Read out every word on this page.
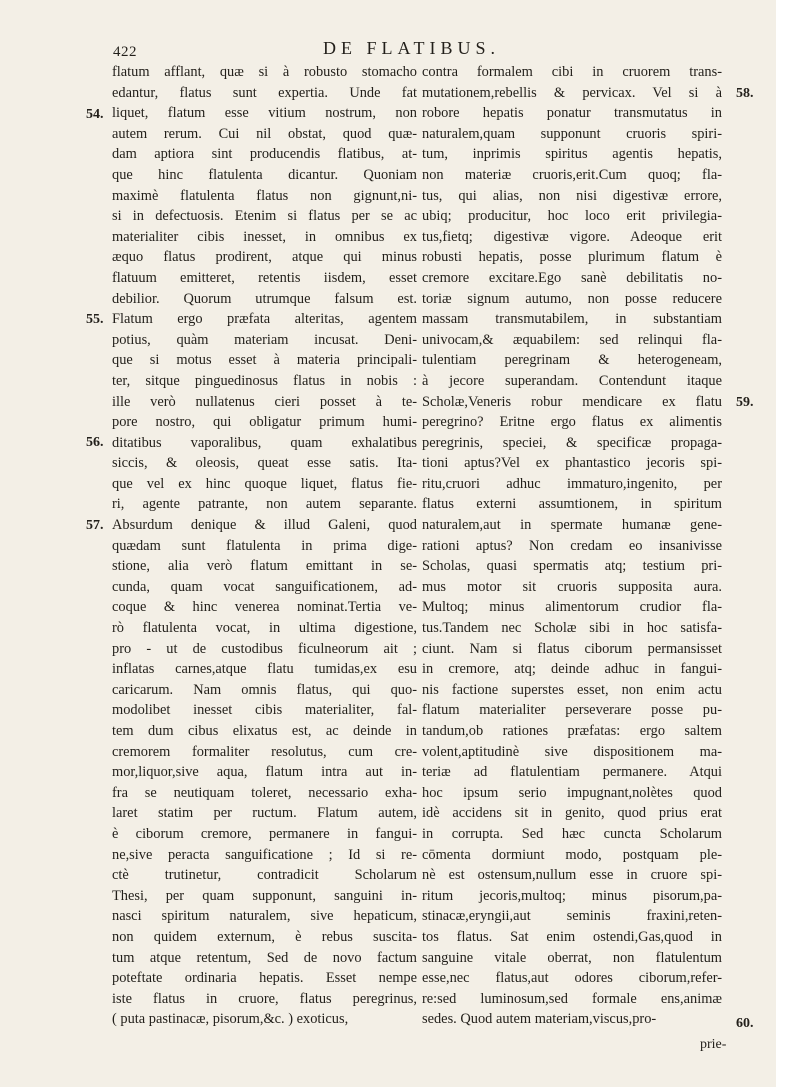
422	DE FLATIBUS.
flatum afflant, quæ si à robusto stomacho
edantur, flatus sunt expertia. Unde fat
liquet, flatum esse vitium nostrum, non
autem rerum. Cui nil obstat, quod quæ-
dam aptiora sint producendis flatibus, at-
que hinc flatulenta dicantur. Quoniam
maximè flatulenta flatus non gignunt,ni-
si in defectuosis. Etenim si flatus per se ac
materialiter cibis inesset, in omnibus ex
æquo flatus prodirent, atque qui minus
flatuum emitteret, retentis iisdem, esset
debilior. Quorum utrumque falsum est.
Flatum ergo præfata alteritas, agentem
potius, quàm materiam incusat. Deni-
que si motus esset à materia principali-
ter, sitque pinguedinosus flatus in nobis :
ille verò nullatenus cieri posset à te-
pore nostro, qui obligatur primum humi-
ditatibus vaporalibus, quam exhalatibus
siccis, & oleosis, queat esse satis. Ita-
que vel ex hinc quoque liquet, flatus fie-
ri, agente patrante, non autem separante.
Absurdum denique & illud Galeni, quod
quædam sunt flatulenta in prima dige-
stione, alia verò flatum emittant in se-
cunda, quam vocat sanguificationem, ad-
coque & hinc venerea nominat.Tertia ve-
rò flatulenta vocat, in ultima digestione,
pro - ut de custodibus ficulneorum ait ;
inflatas carnes,atque flatu tumidas,ex esu
caricarum. Nam omnis flatus, qui quo-
modolibet inesset cibis materialiter, fal-
tem dum cibus elixatus est, ac deinde in
cremorem formaliter resolutus, cum cre-
mor,liquor,sive aqua, flatum intra aut in-
fra se neutiquam toleret, necessario exha-
laret statim per ructum. Flatum autem,
è ciborum cremore, permanere in fangui-
ne,sive peracta sanguificatione ; Id si re-
ctè trutinetur, contradicit Scholarum
Thesi, per quam supponunt, sanguini in-
nasci spiritum naturalem, sive hepaticum,
non quidem externum, è rebus suscita-
tum atque retentum, Sed de novo factum
poteftate ordinaria hepatis. Esset nempe
iste flatus in cruore, flatus peregrinus,
( puta pastinacæ, pisorum,&c. ) exoticus,
contra formalem cibi in cruorem trans-
mutationem,rebellis & pervicax. Vel si à
robore hepatis ponatur transmutatus in
naturalem,quam supponunt cruoris spiri-
tum, inprimis spiritus agentis hepatis,
non materiæ cruoris,erit.Cum quoq; fla-
tus, qui alias, non nisi digestivæ errore,
ubiq; producitur, hoc loco erit privilegia-
tus,fietq; digestivæ vigore. Adeoque erit
robusti hepatis, posse plurimum flatum è
cremore excitare.Ego sanè debilitatis no-
toriæ signum autumo, non posse reducere
massam transmutabilem, in substantiam
univocam,& æquabilem: sed relinqui fla-
tulentiam peregrinam & heterogeneam,
à jecore superandam. Contendunt itaque
Scholæ,Veneris robur mendicare ex flatu
peregrino? Eritne ergo flatus ex alimentis
peregrinis, speciei, & specificæ propaga-
tioni aptus?Vel ex phantastico jecoris spi-
ritu,cruori adhuc immaturo,ingenito, per
flatus externi assumtionem, in spiritum
naturalem,aut in spermate humanæ gene-
rationi aptus? Non credam eo insanivisse
Scholas, quasi spermatis atq; testium pri-
mus motor sit cruoris supposita aura.
Multoq; minus alimentorum crudior fla-
tus.Tandem nec Scholæ sibi in hoc satisfa-
ciunt. Nam si flatus ciborum permansisset
in cremore, atq; deinde adhuc in fangui-
nis factione superstes esset, non enim actu
flatum materialiter perseverare posse pu-
tandum,ob rationes præfatas: ergo saltem
volent,aptitudinè sive dispositionem ma-
teriæ ad flatulentiam permanere. Atqui
hoc ipsum serio impugnant,nolètes quod
idè accidens sit in genito, quod prius erat
in corrupta. Sed hæc cuncta Scholarum
cōmenta dormiunt modo, postquam ple-
nè est ostensum,nullum esse in cruore spi-
ritum jecoris,multoq; minus pisorum,pa-
stinacæ,eryngii,aut seminis fraxini,reten-
tos flatus. Sat enim ostendi,Gas,quod in
sanguine vitale oberrat, non flatulentum
esse,nec flatus,aut odores ciborum,refer-
re:sed luminosum,sed formale ens,animæ
sedes. Quod autem materiam,viscus,pro-
54.
55.
56.
57.
58.
59.
60.
prie-
